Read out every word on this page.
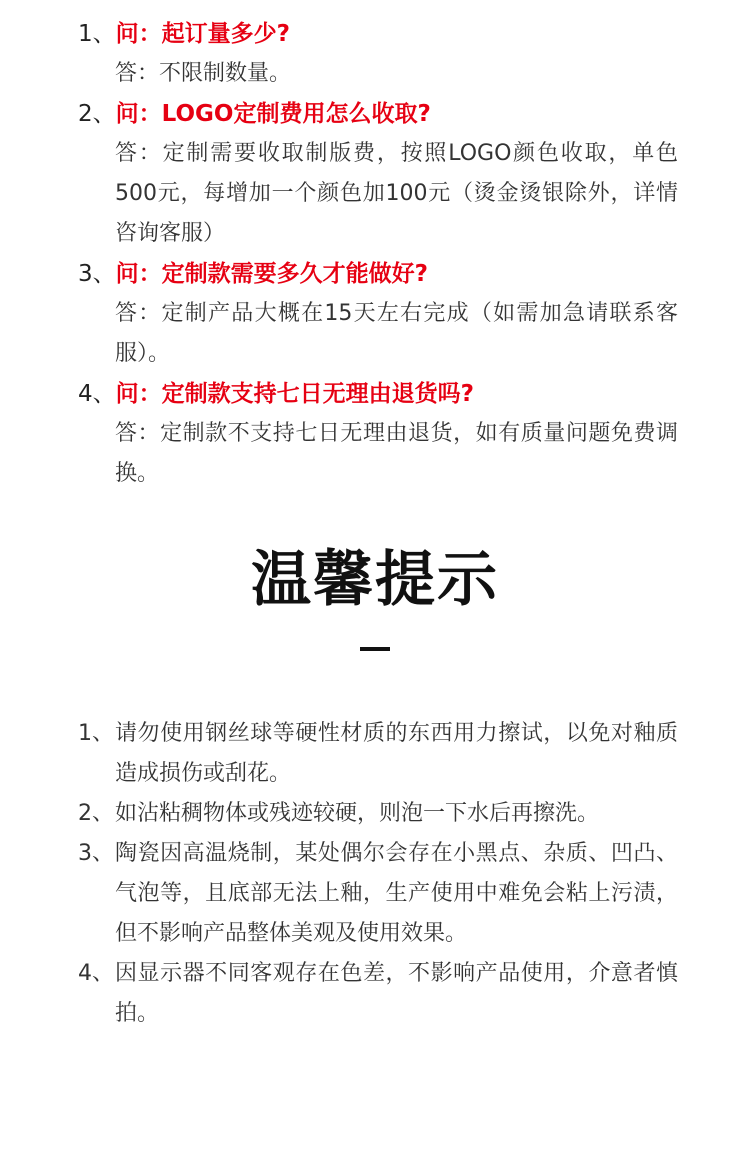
1、问：起订量多少?
答：不限制数量。
2、问：LOGO定制费用怎么收取?
答：定制需要收取制版费，按照LOGO颜色收取，单色500元，每增加一个颜色加100元（烫金烫银除外，详情咨询客服）
3、问：定制款需要多久才能做好?
答：定制产品大概在15天左右完成（如需加急请联系客服）。
4、问：定制款支持七日无理由退货吗?
答：定制款不支持七日无理由退货，如有质量问题免费调换。
温馨提示
1、 请勿使用钢丝球等硬性材质的东西用力擦试，以免对釉质造成损伤或刮花。
2、 如沾粘稠物体或残迹较硬，则泡一下水后再擦洗。
3、 陶瓷因高温烧制，某处偶尔会存在小黑点、杂质、凹凸、气泡等，且底部无法上釉，生产使用中难免会粘上污渍，但不影响产品整体美观及使用效果。
4、 因显示器不同客观存在色差，不影响产品使用，介意者慎拍。
